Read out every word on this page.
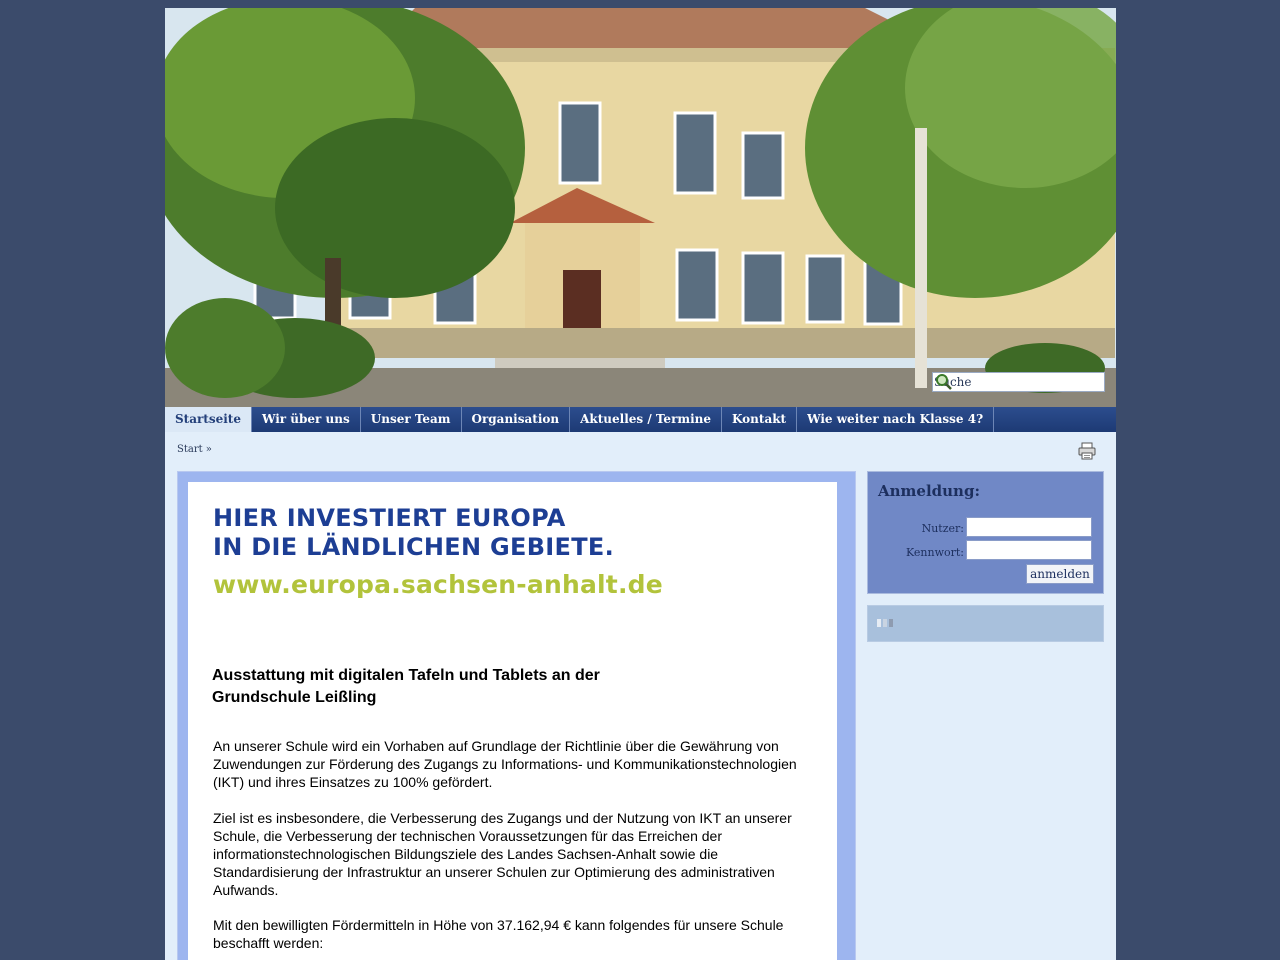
Suche
Startseite	Wir über uns	Unser Team	Organisation	Aktuelles / Termine	Kontakt	Wie weiter nach Klasse 4?
Start »
HIER INVESTIERT EUROPA
IN DIE LÄNDLICHEN GEBIETE.
www.europa.sachsen-anhalt.de
Ausstattung mit digitalen Tafeln und Tablets an der
Grundschule Leißling
An unserer Schule wird ein Vorhaben auf Grundlage der Richtlinie über die Gewährung von Zuwendungen zur Förderung des Zugangs zu Informations- und Kommunikationstechnologien (IKT) und ihres Einsatzes zu 100% gefördert.
Ziel ist es insbesondere, die Verbesserung des Zugangs und der Nutzung von IKT an unserer Schule, die Verbesserung der technischen Voraussetzungen für das Erreichen der informationstechnologischen Bildungsziele des Landes Sachsen-Anhalt sowie die Standardisierung der Infrastruktur an unserer Schulen zur Optimierung des administrativen Aufwands.
Mit den bewilligten Fördermitteln in Höhe von 37.162,94 € kann folgendes für unsere Schule beschafft werden:
Anmeldung:
Nutzer:
Kennwort:
anmelden
